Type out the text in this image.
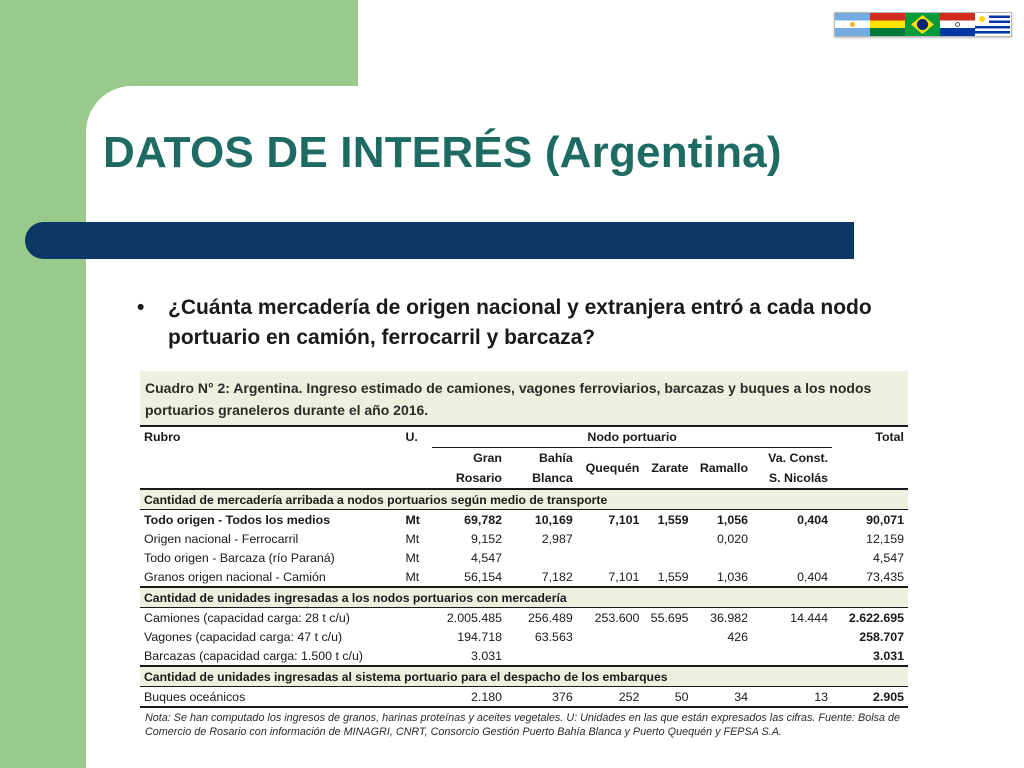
DATOS DE INTERÉS (Argentina)
•	¿Cuánta mercadería de origen nacional y extranjera entró a cada nodo portuario en camión, ferrocarril y barcaza?
Cuadro N° 2: Argentina. Ingreso estimado de camiones, vagones ferroviarios, barcazas y buques a los nodos portuarios graneleros durante el año 2016.
Rubro	U.	Nodo portuario						Total
		Gran	Bahía	Quequén	Zarate	Ramallo	Va. Const.	
		Rosario	Blanca				S. Nicolás	
Cantidad de mercadería arribada a nodos portuarios según medio de transporte								
Todo origen - Todos los medios	Mt	69,782	10,169	7,101	1,559	1,056	0,404	90,071
Origen nacional - Ferrocarril	Mt	9,152	2,987			0,020		12,159
Todo origen - Barcaza (río Paraná)	Mt	4,547						4,547
Granos origen nacional - Camión	Mt	56,154	7,182	7,101	1,559	1,036	0,404	73,435
Cantidad de unidades ingresadas a los nodos portuarios con mercadería								
Camiones (capacidad carga: 28 t c/u)		2.005.485	256.489	253.600	55.695	36.982	14.444	2.622.695
Vagones (capacidad carga: 47 t c/u)		194.718	63.563			426		258.707
Barcazas (capacidad carga: 1.500 t c/u)		3.031						3.031
Cantidad de unidades ingresadas al sistema portuario para el despacho de los embarques								
Buques oceánicos		2.180	376	252	50	34	13	2.905
Nota: Se han computado los ingresos de granos, harinas proteínas y aceites vegetales. U: Unidades en las que están expresados las cifras. Fuente: Bolsa de Comercio de Rosario con información de MINAGRI, CNRT, Consorcio Gestión Puerto Bahía Blanca y Puerto Quequén y FEPSA S.A.
